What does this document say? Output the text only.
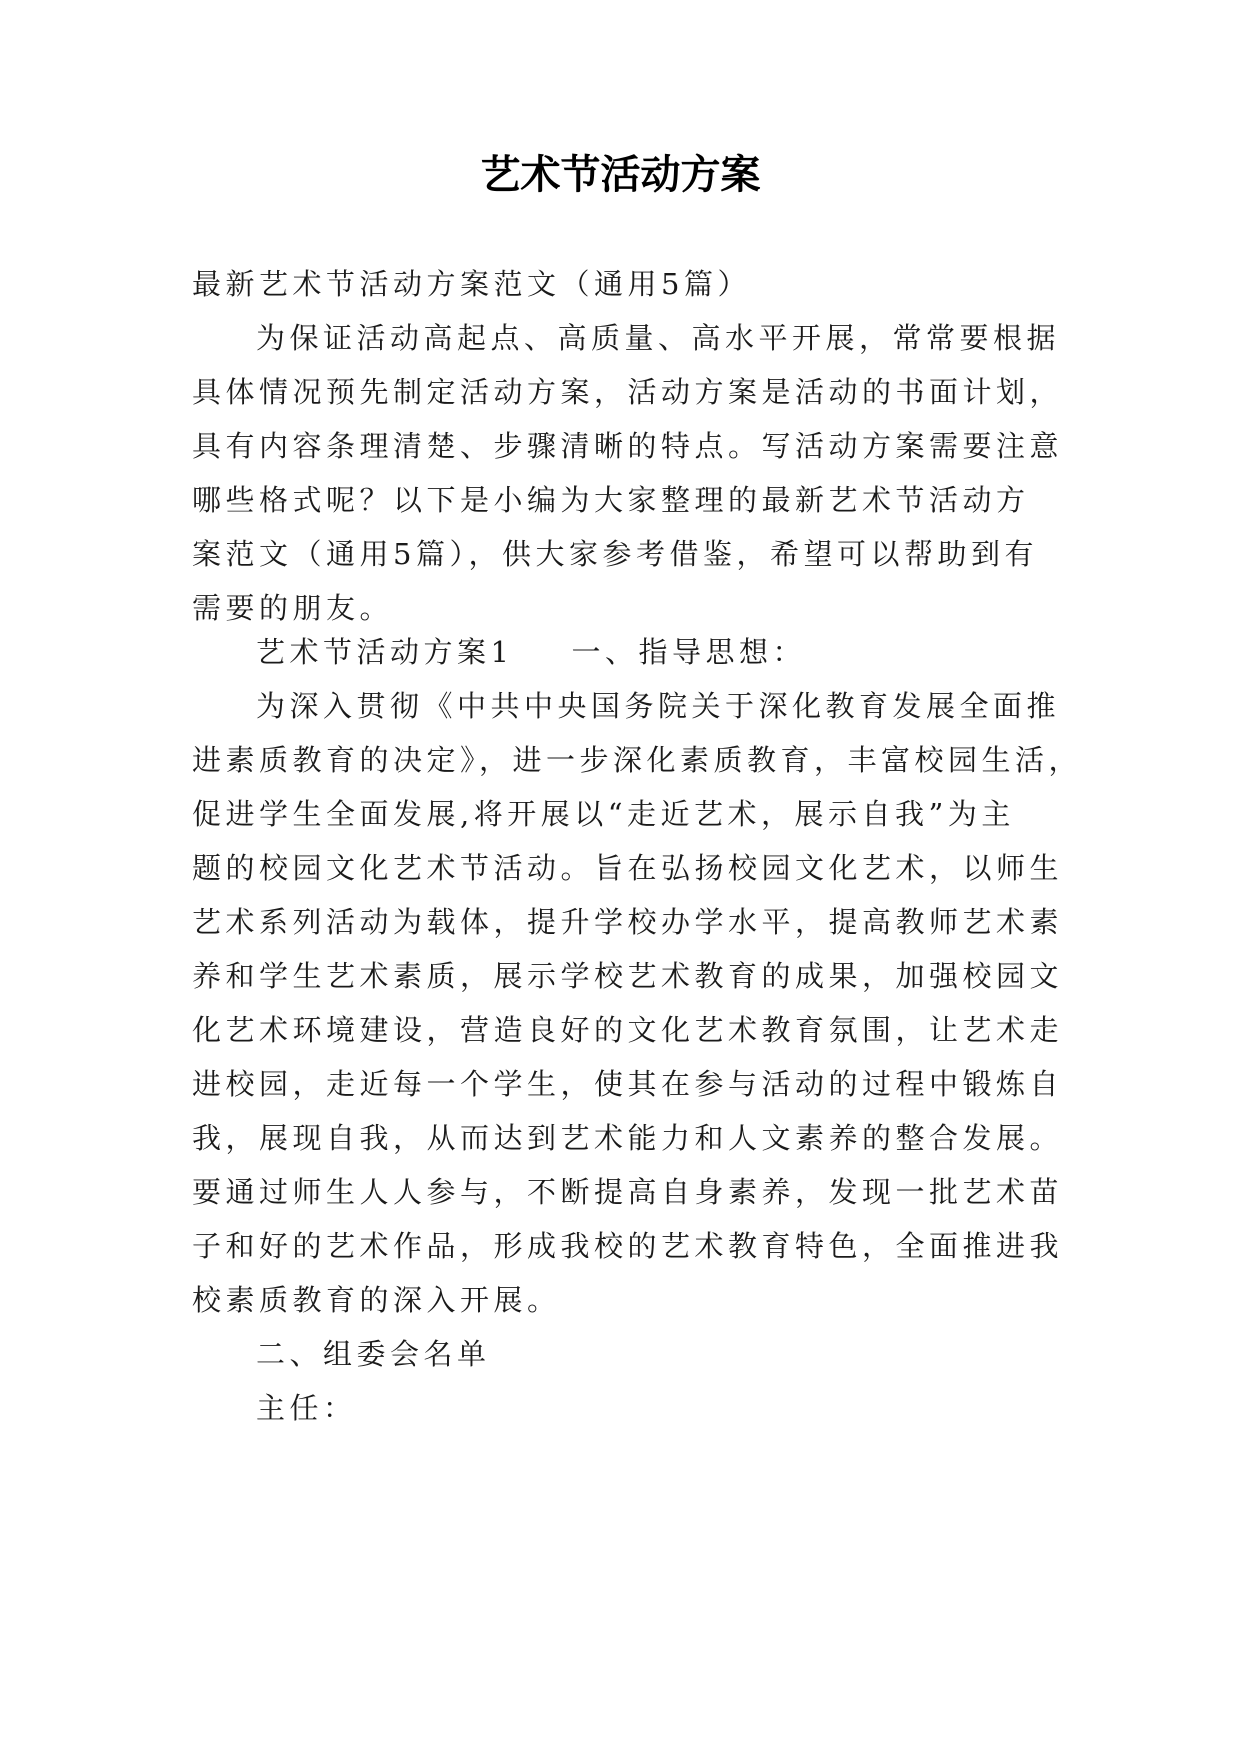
艺术节活动方案
最新艺术节活动方案范文（通用5篇）
为保证活动高起点、高质量、高水平开展，常常要根据
具体情况预先制定活动方案，活动方案是活动的书面计划，
具有内容条理清楚、步骤清晰的特点。写活动方案需要注意
哪些格式呢？以下是小编为大家整理的最新艺术节活动方
案范文（通用5篇），供大家参考借鉴，希望可以帮助到有
需要的朋友。
艺术节活动方案1 一、指导思想：
为深入贯彻《中共中央国务院关于深化教育发展全面推
进素质教育的决定》，进一步深化素质教育，丰富校园生活，
促进学生全面发展,将开展以“走近艺术，展示自我”为主
题的校园文化艺术节活动。旨在弘扬校园文化艺术，以师生
艺术系列活动为载体，提升学校办学水平，提高教师艺术素
养和学生艺术素质，展示学校艺术教育的成果，加强校园文
化艺术环境建设，营造良好的文化艺术教育氛围，让艺术走
进校园，走近每一个学生，使其在参与活动的过程中锻炼自
我，展现自我，从而达到艺术能力和人文素养的整合发展。
要通过师生人人参与，不断提高自身素养，发现一批艺术苗
子和好的艺术作品，形成我校的艺术教育特色，全面推进我
校素质教育的深入开展。
二、组委会名单
主任：
